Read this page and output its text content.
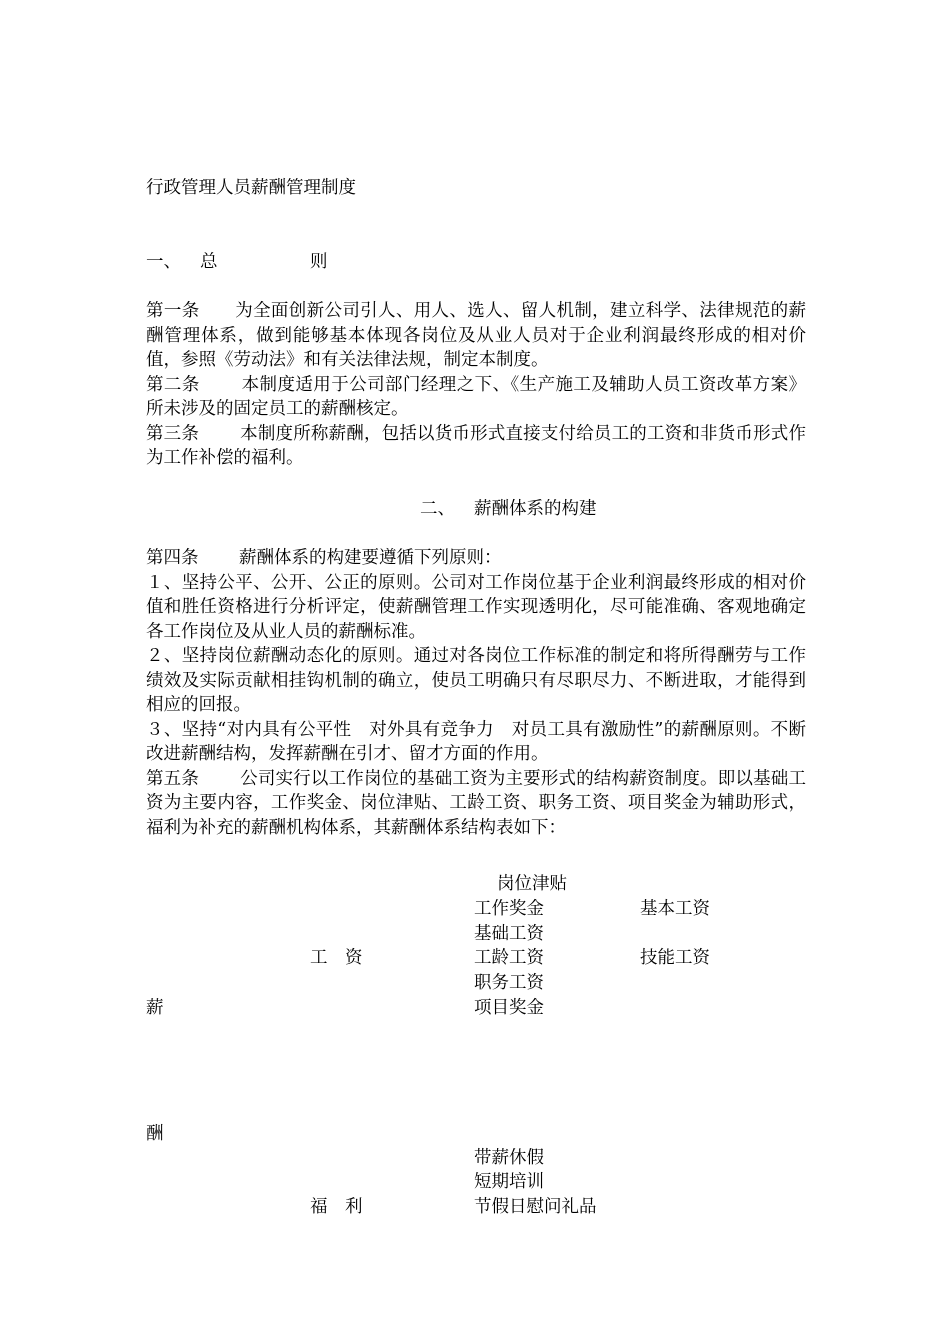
行政管理人员薪酬管理制度
一、 总	则

第一条　　为全面创新公司引人、用人、选人、留人机制，建立科学、法律规范的薪酬管理体系，做到能够基本体现各岗位及从业人员对于企业利润最终形成的相对价值，参照《劳动法》和有关法律法规，制定本制度。

第二条　　 本制度适用于公司部门经理之下、《生产施工及辅助人员工资改革方案》所未涉及的固定员工的薪酬核定。

第三条　　 本制度所称薪酬，包括以货币形式直接支付给员工的工资和非货币形式作为工作补偿的福利。

二、 薪酬体系的构建

第四条　　 薪酬体系的构建要遵循下列原则：

１、坚持公平、公开、公正的原则。公司对工作岗位基于企业利润最终形成的相对价值和胜任资格进行分析评定，使薪酬管理工作实现透明化，尽可能准确、客观地确定各工作岗位及从业人员的薪酬标准。

２、坚持岗位薪酬动态化的原则。通过对各岗位工作标准的制定和将所得酬劳与工作绩效及实际贡献相挂钩机制的确立，使员工明确只有尽职尽力、不断进取，才能得到相应的回报。

３、坚持“对内具有公平性　对外具有竞争力　对员工具有激励性”的薪酬原则。不断改进薪酬结构，发挥薪酬在引才、留才方面的作用。

第五条　　 公司实行以工作岗位的基础工资为主要形式的结构薪资制度。即以基础工资为主要内容，工作奖金、岗位津贴、工龄工资、职务工资、项目奖金为辅助形式，福利为补充的薪酬机构体系，其薪酬体系结构表如下：

岗位津贴
工作奖金	基本工资
基础工资
工　资	工龄工资	技能工资
职务工资
薪	项目奖金
酬
带薪休假
短期培训
福　利	节假日慰问礼品
